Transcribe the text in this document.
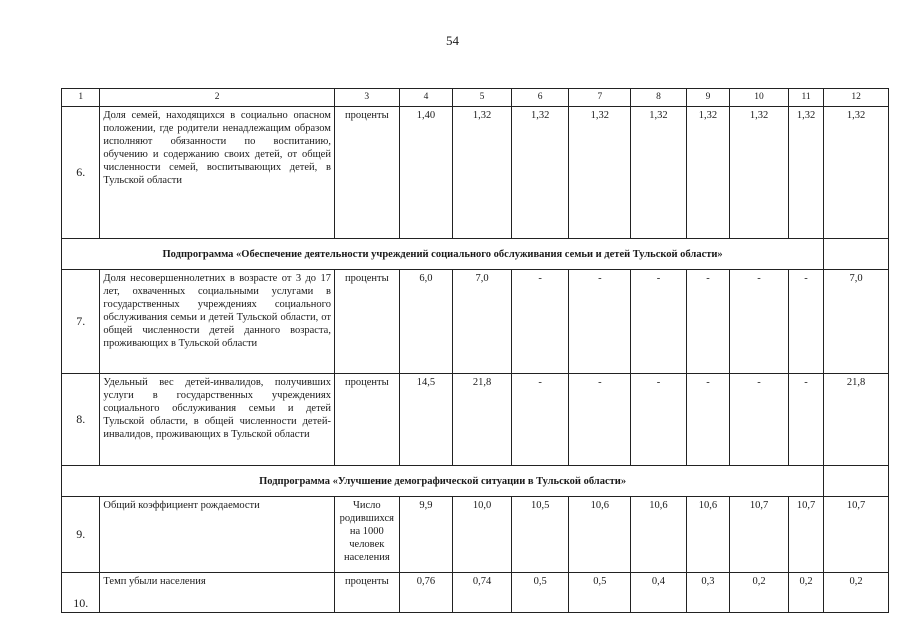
54
1	2	3	4	5	6	7	8	9	10	11	12
6.	Доля семей, находящихся в социально опасном положении, где родители ненадлежащим образом исполняют обязанности по воспитанию, обучению и содержанию своих детей, от общей численности семей, воспитывающих детей, в Тульской области	проценты	1,40	1,32	1,32	1,32	1,32	1,32	1,32	1,32	1,32
Подпрограмма «Обеспечение деятельности учреждений социального обслуживания семьи и детей Тульской области»											
7.	Доля несовершеннолетних в возрасте от 3 до 17 лет, охваченных социальными услугами в государственных учреждениях социального обслуживания семьи и детей Тульской области, от общей численности детей данного возраста, проживающих в Тульской области	проценты	6,0	7,0	-	-	-	-	-	-	7,0
8.	Удельный вес детей-инвалидов, получивших услуги в государственных учреждениях социального обслуживания семьи и детей Тульской области, в общей численности детей-инвалидов, проживающих в Тульской области	проценты	14,5	21,8	-	-	-	-	-	-	21,8
Подпрограмма «Улучшение демографической ситуации в Тульской области»											
9.	Общий коэффициент рождаемости	Число родившихся на 1000 человек населения	9,9	10,0	10,5	10,6	10,6	10,6	10,7	10,7	10,7
10.	Темп убыли населения	проценты	0,76	0,74	0,5	0,5	0,4	0,3	0,2	0,2	0,2
